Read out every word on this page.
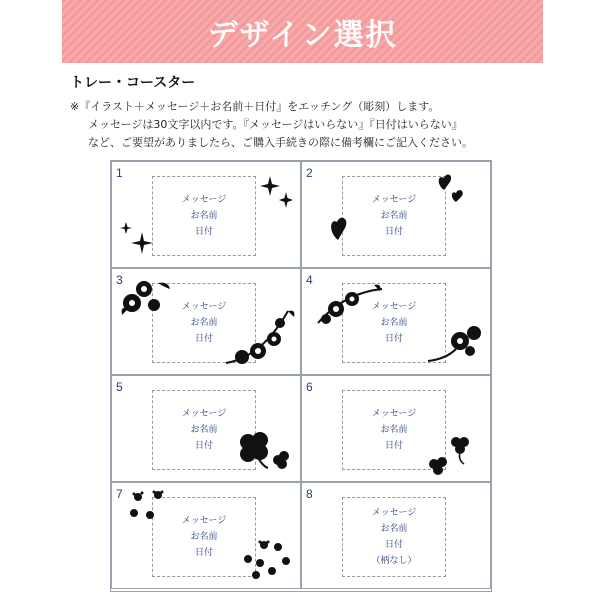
デザイン選択
トレー・コースター
※『イラスト＋メッセージ＋お名前＋日付』をエッチング（彫刻）します。
メッセージは30文字以内です。『メッセージはいらない』『日付はいらない』
など、ご要望がありましたら、ご購入手続きの際に備考欄にご記入ください。
1
メッセージ
お名前
日付
2
メッセージ
お名前
日付
3
メッセージ
お名前
日付
4
メッセージ
お名前
日付
5
メッセージ
お名前
日付
6
メッセージ
お名前
日付
7
メッセージ
お名前
日付
8
メッセージ
お名前
日付
（柄なし）
